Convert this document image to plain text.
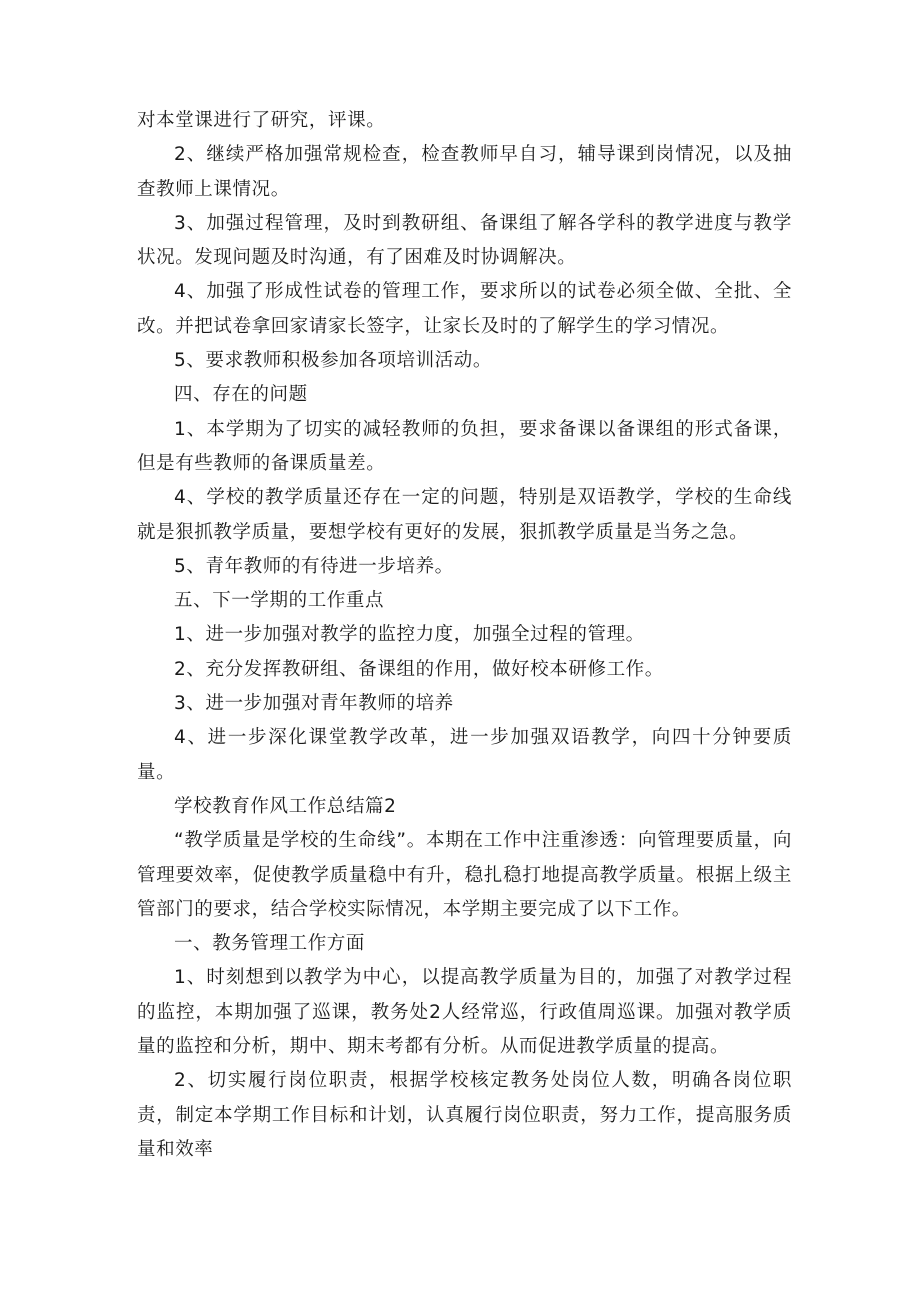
对本堂课进行了研究，评课。

2、继续严格加强常规检查，检查教师早自习，辅导课到岗情况，以及抽查教师上课情况。

3、加强过程管理，及时到教研组、备课组了解各学科的教学进度与教学状况。发现问题及时沟通，有了困难及时协调解决。

4、加强了形成性试卷的管理工作，要求所以的试卷必须全做、全批、全改。并把试卷拿回家请家长签字，让家长及时的了解学生的学习情况。

5、要求教师积极参加各项培训活动。

四、存在的问题

1、本学期为了切实的减轻教师的负担，要求备课以备课组的形式备课，但是有些教师的备课质量差。

4、学校的教学质量还存在一定的问题，特别是双语教学，学校的生命线就是狠抓教学质量，要想学校有更好的发展，狠抓教学质量是当务之急。

5、青年教师的有待进一步培养。

五、下一学期的工作重点

1、进一步加强对教学的监控力度，加强全过程的管理。

2、充分发挥教研组、备课组的作用，做好校本研修工作。

3、进一步加强对青年教师的培养

4、进一步深化课堂教学改革，进一步加强双语教学，向四十分钟要质量。

学校教育作风工作总结篇2

“教学质量是学校的生命线”。本期在工作中注重渗透：向管理要质量，向管理要效率，促使教学质量稳中有升，稳扎稳打地提高教学质量。根据上级主管部门的要求，结合学校实际情况，本学期主要完成了以下工作。

一、教务管理工作方面

1、时刻想到以教学为中心，以提高教学质量为目的，加强了对教学过程的监控，本期加强了巡课，教务处2人经常巡，行政值周巡课。加强对教学质量的监控和分析，期中、期末考都有分析。从而促进教学质量的提高。

2、切实履行岗位职责，根据学校核定教务处岗位人数，明确各岗位职责，制定本学期工作目标和计划，认真履行岗位职责，努力工作，提高服务质量和效率
